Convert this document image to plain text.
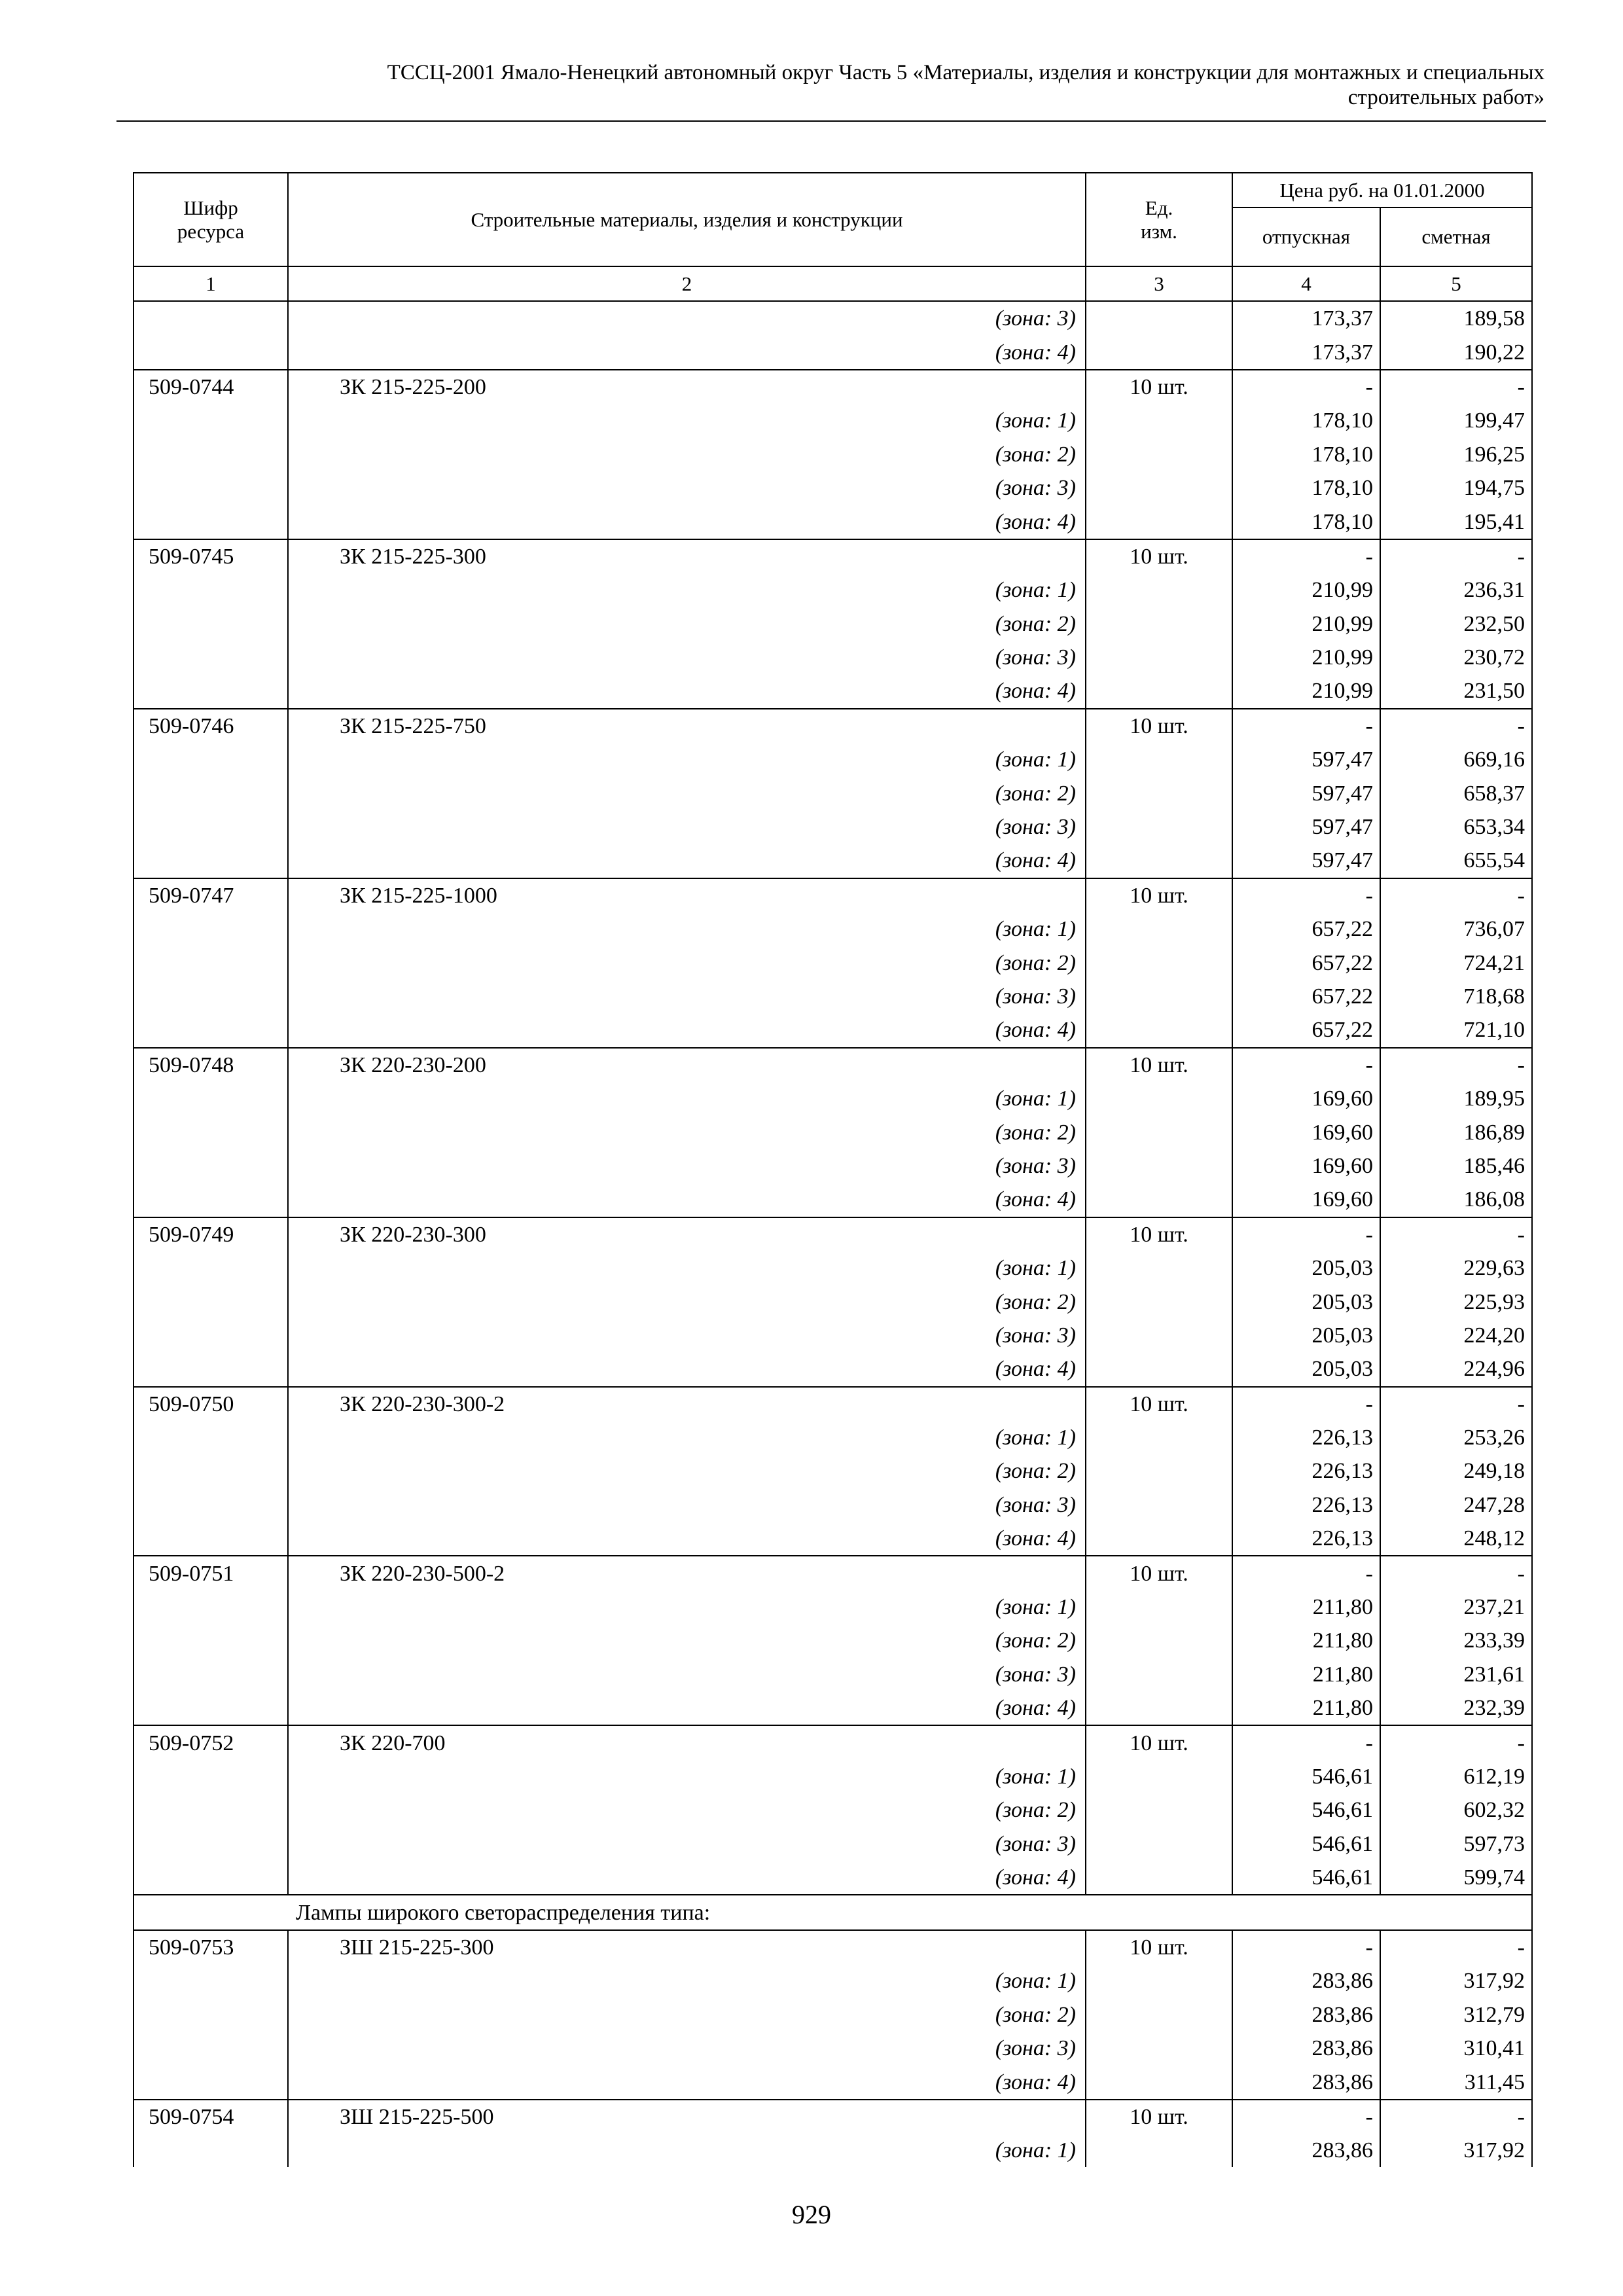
ТССЦ-2001 Ямало-Ненецкий автономный округ Часть 5 «Материалы, изделия и конструкции для монтажных и специальных
строительных работ»
Шифр ресурса	Строительные материалы, изделия и конструкции	Ед. изм.	Цена руб. на 01.01.2000	
			отпускная	сметная
1	2	3	4	5
	(зона: 3)		173,37	189,58
	(зона: 4)		173,37	190,22
509-0744	ЗК 215-225-200	10 шт.	-	-
	(зона: 1)		178,10	199,47
	(зона: 2)		178,10	196,25
	(зона: 3)		178,10	194,75
	(зона: 4)		178,10	195,41
509-0745	ЗК 215-225-300	10 шт.	-	-
	(зона: 1)		210,99	236,31
	(зона: 2)		210,99	232,50
	(зона: 3)		210,99	230,72
	(зона: 4)		210,99	231,50
509-0746	ЗК 215-225-750	10 шт.	-	-
	(зона: 1)		597,47	669,16
	(зона: 2)		597,47	658,37
	(зона: 3)		597,47	653,34
	(зона: 4)		597,47	655,54
509-0747	ЗК 215-225-1000	10 шт.	-	-
	(зона: 1)		657,22	736,07
	(зона: 2)		657,22	724,21
	(зона: 3)		657,22	718,68
	(зона: 4)		657,22	721,10
509-0748	ЗК 220-230-200	10 шт.	-	-
	(зона: 1)		169,60	189,95
	(зона: 2)		169,60	186,89
	(зона: 3)		169,60	185,46
	(зона: 4)		169,60	186,08
509-0749	ЗК 220-230-300	10 шт.	-	-
	(зона: 1)		205,03	229,63
	(зона: 2)		205,03	225,93
	(зона: 3)		205,03	224,20
	(зона: 4)		205,03	224,96
509-0750	ЗК 220-230-300-2	10 шт.	-	-
	(зона: 1)		226,13	253,26
	(зона: 2)		226,13	249,18
	(зона: 3)		226,13	247,28
	(зона: 4)		226,13	248,12
509-0751	ЗК 220-230-500-2	10 шт.	-	-
	(зона: 1)		211,80	237,21
	(зона: 2)		211,80	233,39
	(зона: 3)		211,80	231,61
	(зона: 4)		211,80	232,39
509-0752	ЗК 220-700	10 шт.	-	-
	(зона: 1)		546,61	612,19
	(зона: 2)		546,61	602,32
	(зона: 3)		546,61	597,73
	(зона: 4)		546,61	599,74
	Лампы широкого светораспределения типа:			
509-0753	ЗШ 215-225-300	10 шт.	-	-
	(зона: 1)		283,86	317,92
	(зона: 2)		283,86	312,79
	(зона: 3)		283,86	310,41
	(зона: 4)		283,86	311,45
509-0754	ЗШ 215-225-500	10 шт.	-	-
	(зона: 1)		283,86	317,92
929
